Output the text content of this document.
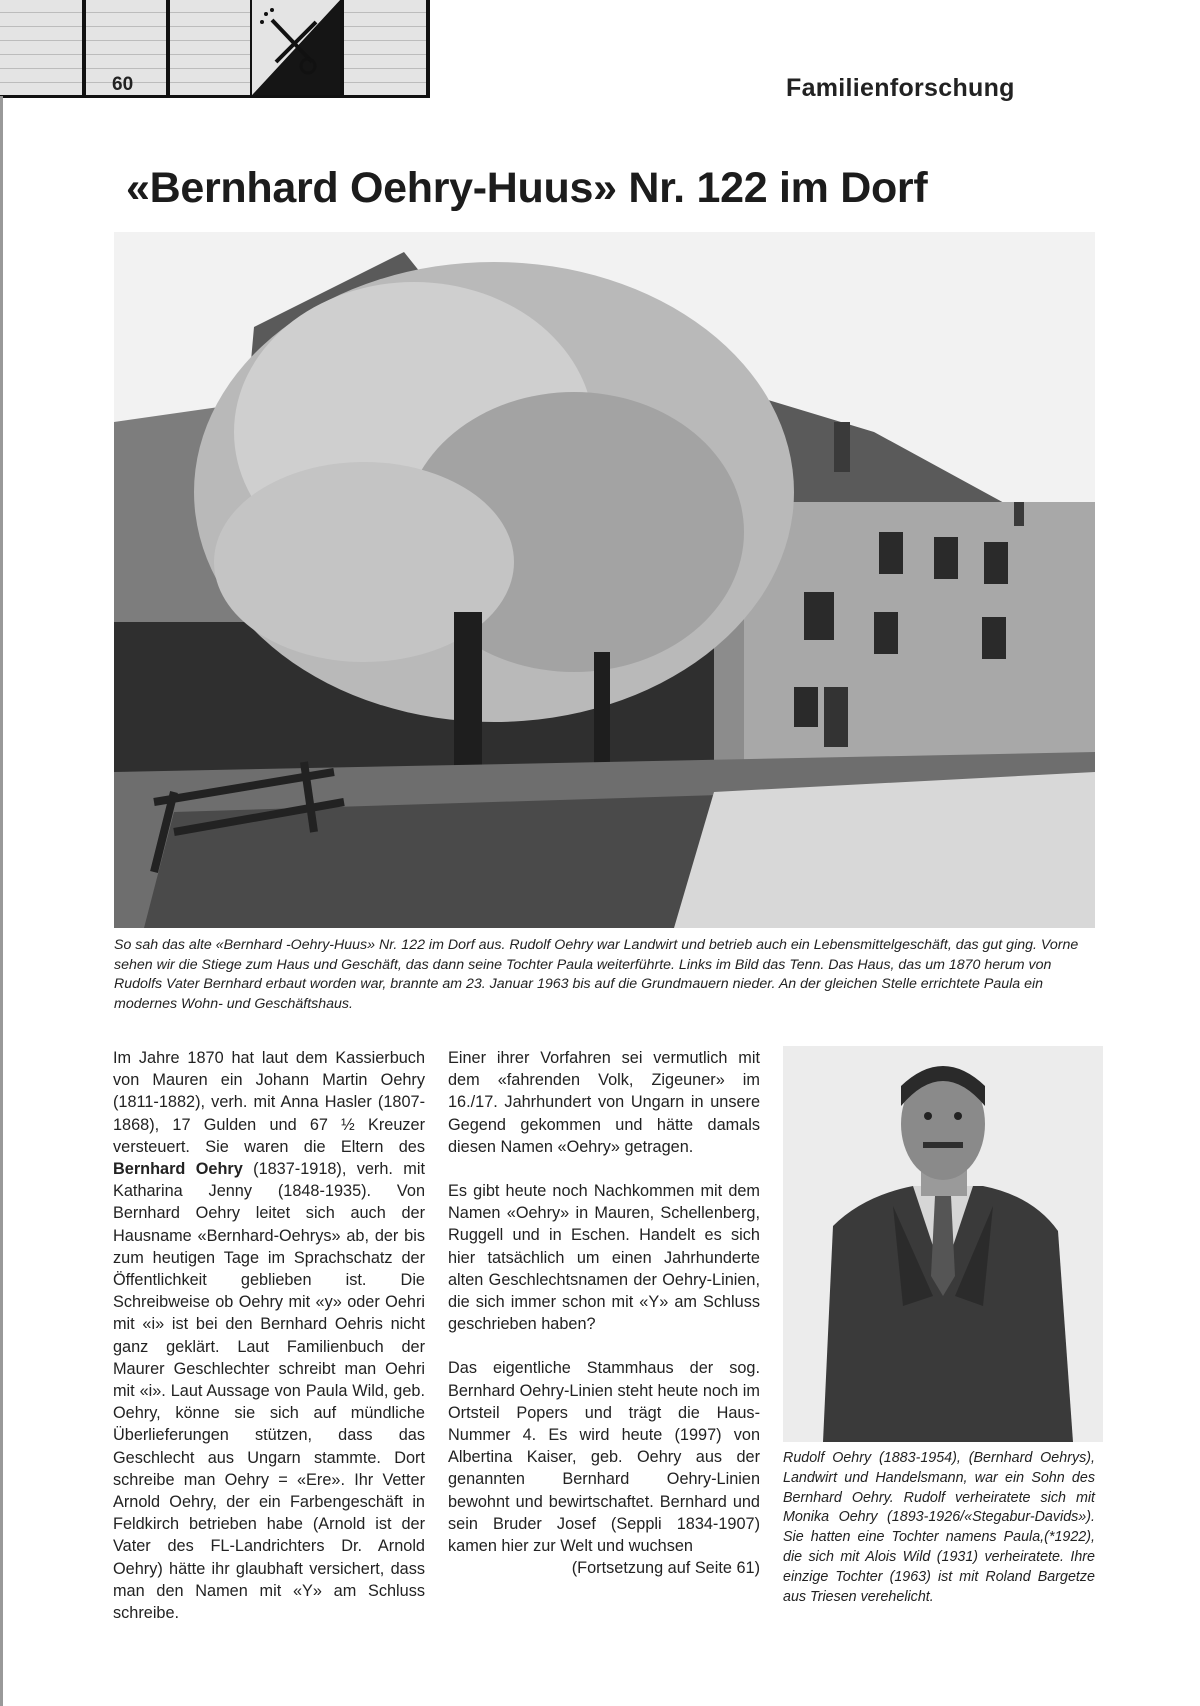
60	Familienforschung
«Bernhard Oehry-Huus» Nr. 122 im Dorf
So sah das alte «Bernhard -Oehry-Huus» Nr. 122 im Dorf aus. Rudolf Oehry war Landwirt und betrieb auch ein Lebensmittelgeschäft, das gut ging. Vorne sehen wir die Stiege zum Haus und Geschäft, das dann seine Tochter Paula weiterführte. Links im Bild das Tenn. Das Haus, das um 1870 herum von Rudolfs Vater Bernhard erbaut worden war, brannte am 23. Januar 1963 bis auf die Grundmauern nieder. An der gleichen Stelle errichtete Paula ein modernes Wohn- und Geschäftshaus.

Im Jahre 1870 hat laut dem Kassierbuch von Mauren ein Johann Martin Oehry (1811-1882), verh. mit Anna Hasler (1807-1868), 17 Gulden und 67 ½ Kreuzer versteuert. Sie waren die Eltern des Bernhard Oehry (1837-1918), verh. mit Katharina Jenny (1848-1935). Von Bernhard Oehry leitet sich auch der Hausname «Bernhard-Oehrys» ab, der bis zum heutigen Tage im Sprachschatz der Öffentlichkeit geblieben ist. Die Schreibweise ob Oehry mit «y» oder Oehri mit «i» ist bei den Bernhard Oehris nicht ganz geklärt. Laut Familienbuch der Maurer Geschlechter schreibt man Oehri mit «i». Laut Aussage von Paula Wild, geb. Oehry, könne sie sich auf mündliche Überlieferungen stützen, dass das Geschlecht aus Ungarn stammte. Dort schreibe man Oehry = «Ere». Ihr Vetter Arnold Oehry, der ein Farbengeschäft in Feldkirch betrieben habe (Arnold ist der Vater des FL-Landrichters Dr. Arnold Oehry) hätte ihr glaubhaft versichert, dass man den Namen mit «Y» am Schluss schreibe.

Einer ihrer Vorfahren sei vermutlich mit dem «fahrenden Volk, Zigeuner» im 16./17. Jahrhundert von Ungarn in unsere Gegend gekommen und hätte damals diesen Namen «Oehry» getragen.

Es gibt heute noch Nachkommen mit dem Namen «Oehry» in Mauren, Schellenberg, Ruggell und in Eschen. Handelt es sich hier tatsächlich um einen Jahrhunderte alten Geschlechtsnamen der Oehry-Linien, die sich immer schon mit «Y» am Schluss geschrieben haben?

Das eigentliche Stammhaus der sog. Bernhard Oehry-Linien steht heute noch im Ortsteil Popers und trägt die Haus-Nummer 4. Es wird heute (1997) von Albertina Kaiser, geb. Oehry aus der genannten Bernhard Oehry-Linien bewohnt und bewirtschaftet. Bernhard und sein Bruder Josef (Seppli 1834-1907) kamen hier zur Welt und wuchsen
(Fortsetzung auf Seite 61)

Rudolf Oehry (1883-1954), (Bernhard Oehrys), Landwirt und Handelsmann, war ein Sohn des Bernhard Oehry. Rudolf verheiratete sich mit Monika Oehry (1893-1926/«Stegabur-Davids»). Sie hatten eine Tochter namens Paula,(*1922), die sich mit Alois Wild (1931) verheiratete. Ihre einzige Tochter (1963) ist mit Roland Bargetze aus Triesen verehelicht.
